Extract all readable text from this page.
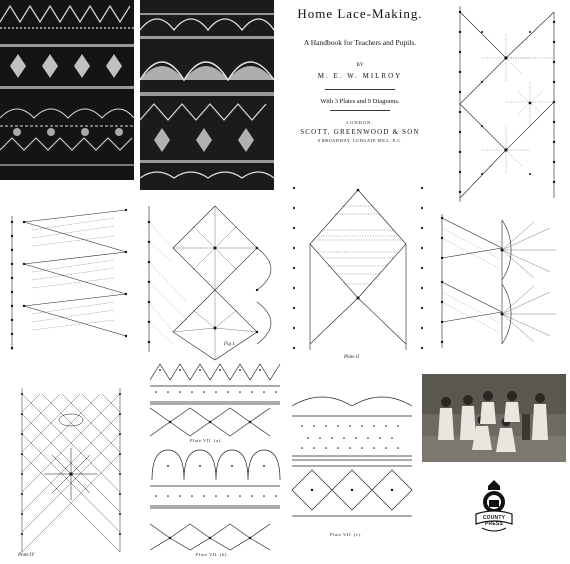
Home Lace-Making.
A Handbook for Teachers and Pupils.
BY
M. E. W. MILROY
With 3 Plates and 9 Diagrams.
LONDON:
SCOTT, GREENWOOD & SON
8 BROADWAY, LUDGATE HILL, E.C.
Fig 1
Plate II
Plate IV
Plate VII. (a).
Plate VII. (b).
Plate VII. (c).
COUNTY PRESS
